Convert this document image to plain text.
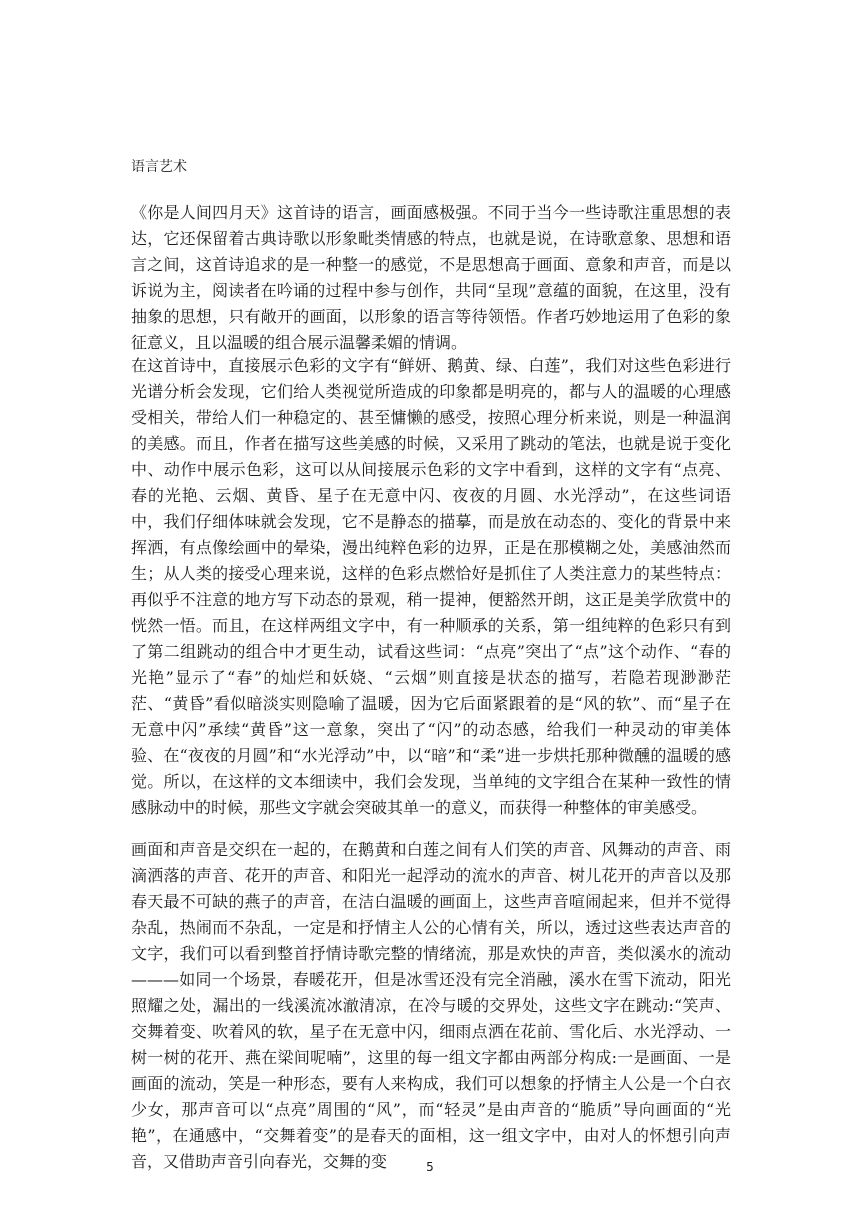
语言艺术

《你是人间四月天》这首诗的语言，画面感极强。不同于当今一些诗歌注重思想的表达，它还保留着古典诗歌以形象毗类情感的特点，也就是说，在诗歌意象、思想和语言之间，这首诗追求的是一种整一的感觉，不是思想高于画面、意象和声音，而是以诉说为主，阅读者在吟诵的过程中参与创作，共同“呈现”意蕴的面貌，在这里，没有抽象的思想，只有敞开的画面，以形象的语言等待领悟。作者巧妙地运用了色彩的象征意义，且以温暖的组合展示温馨柔媚的情调。

在这首诗中，直接展示色彩的文字有“鲜妍、鹅黄、绿、白莲”，我们对这些色彩进行光谱分析会发现，它们给人类视觉所造成的印象都是明亮的，都与人的温暖的心理感受相关，带给人们一种稳定的、甚至慵懒的感受，按照心理分析来说，则是一种温润的美感。而且，作者在描写这些美感的时候，又采用了跳动的笔法，也就是说于变化中、动作中展示色彩，这可以从间接展示色彩的文字中看到，这样的文字有“点亮、春的光艳、云烟、黄昏、星子在无意中闪、夜夜的月圆、水光浮动”，在这些词语中，我们仔细体味就会发现，它不是静态的描摹，而是放在动态的、变化的背景中来挥洒，有点像绘画中的晕染，漫出纯粹色彩的边界，正是在那模糊之处，美感油然而生；从人类的接受心理来说，这样的色彩点燃恰好是抓住了人类注意力的某些特点：再似乎不注意的地方写下动态的景观，稍一提神，便豁然开朗，这正是美学欣赏中的恍然一悟。而且，在这样两组文字中，有一种顺承的关系，第一组纯粹的色彩只有到了第二组跳动的组合中才更生动，试看这些词：“点亮”突出了“点”这个动作、“春的光艳”显示了“春”的灿烂和妖娆、“云烟”则直接是状态的描写，若隐若现渺渺茫茫、“黄昏”看似暗淡实则隐喻了温暖，因为它后面紧跟着的是“风的软”、而“星子在无意中闪”承续“黄昏”这一意象，突出了“闪”的动态感，给我们一种灵动的审美体验、在“夜夜的月圆”和“水光浮动”中，以“暗”和“柔”进一步烘托那种微醺的温暖的感觉。所以，在这样的文本细读中，我们会发现，当单纯的文字组合在某种一致性的情感脉动中的时候，那些文字就会突破其单一的意义，而获得一种整体的审美感受。

画面和声音是交织在一起的，在鹅黄和白莲之间有人们笑的声音、风舞动的声音、雨滴洒落的声音、花开的声音、和阳光一起浮动的流水的声音、树儿花开的声音以及那春天最不可缺的燕子的声音，在洁白温暖的画面上，这些声音喧闹起来，但并不觉得杂乱，热闹而不杂乱，一定是和抒情主人公的心情有关，所以，透过这些表达声音的文字，我们可以看到整首抒情诗歌完整的情绪流，那是欢快的声音，类似溪水的流动———如同一个场景，春暖花开，但是冰雪还没有完全消融，溪水在雪下流动，阳光照耀之处，漏出的一线溪流冰澈清凉，在冷与暖的交界处，这些文字在跳动:“笑声、交舞着变、吹着风的软，星子在无意中闪，细雨点洒在花前、雪化后、水光浮动、一树一树的花开、燕在梁间呢喃”，这里的每一组文字都由两部分构成:一是画面、一是画面的流动，笑是一种形态，要有人来构成，我们可以想象的抒情主人公是一个白衣少女，那声音可以“点亮”周围的“风”，而“轻灵”是由声音的“脆质”导向画面的“光艳”，在通感中，“交舞着变”的是春天的面相，这一组文字中，由对人的怀想引向声音，又借助声音引向春光，交舞的变	5
